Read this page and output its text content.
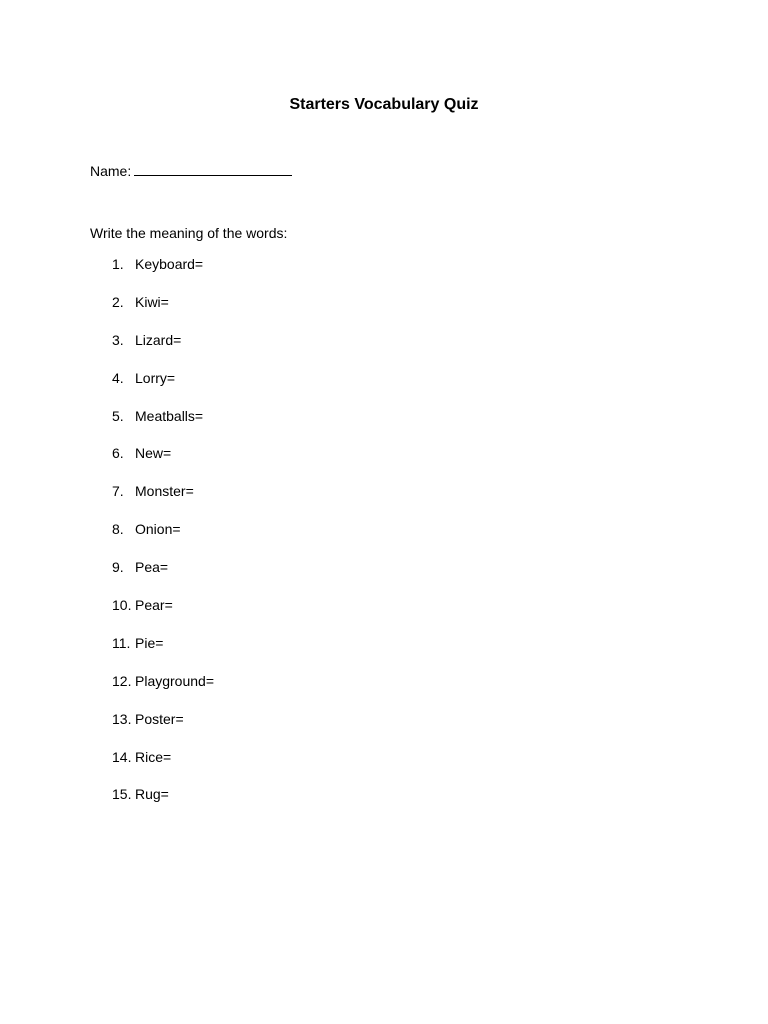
Starters Vocabulary Quiz
Name:
Write the meaning of the words:
1. Keyboard=
2. Kiwi=
3. Lizard=
4. Lorry=
5. Meatballs=
6. New=
7. Monster=
8. Onion=
9. Pea=
10. Pear=
11. Pie=
12. Playground=
13. Poster=
14. Rice=
15. Rug=
